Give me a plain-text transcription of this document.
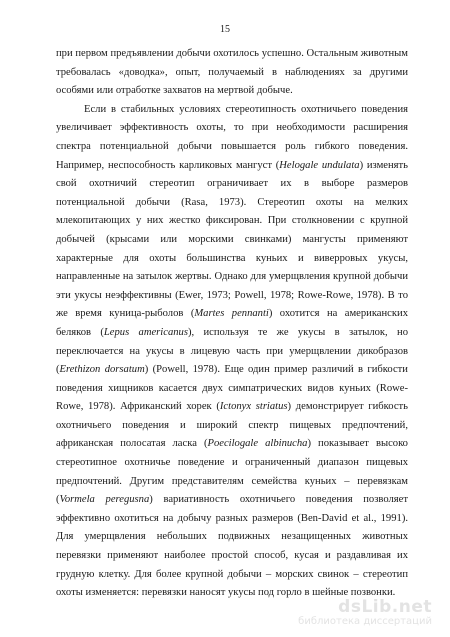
15

при первом предъявлении добычи охотилось успешно. Остальным животным требовалась «доводка», опыт, получаемый в наблюдениях за другими особями или отработке захватов на мертвой добыче.

Если в стабильных условиях стереотипность охотничьего поведения увеличивает эффективность охоты, то при необходимости расширения спектра потенциальной добычи повышается роль гибкого поведения. Например, неспособность карликовых мангуст (Helogale undulata) изменять свой охотничий стереотип ограничивает их в выборе размеров потенциальной добычи (Rasa, 1973). Стереотип охоты на мелких млекопитающих у них жестко фиксирован. При столкновении с крупной добычей (крысами или морскими свинками) мангусты применяют характерные для охоты большинства куньих и виверровых укусы, направленные на затылок жертвы. Однако для умерщвления крупной добычи эти укусы неэффективны (Ewer, 1973; Powell, 1978; Rowe-Rowe, 1978). В то же время куница-рыболов (Martes pennanti) охотится на американских беляков (Lepus americanus), используя те же укусы в затылок, но переключается на укусы в лицевую часть при умерщвлении дикобразов (Erethizon dorsatum) (Powell, 1978). Еще один пример различий в гибкости поведения хищников касается двух симпатрических видов куньих (Rowe-Rowe, 1978). Африканский хорек (Ictonyx striatus) демонстрирует гибкость охотничьего поведения и широкий спектр пищевых предпочтений, африканская полосатая ласка (Poecilogale albinucha) показывает высоко стереотипное охотничье поведение и ограниченный диапазон пищевых предпочтений. Другим представителям семейства куньих – перевязкам (Vormela peregusna) вариативность охотничьего поведения позволяет эффективно охотиться на добычу разных размеров (Ben-David et al., 1991). Для умерщвления небольших подвижных незащищенных животных перевязки применяют наиболее простой способ, кусая и раздавливая их грудную клетку. Для более крупной добычи – морских свинок – стереотип охоты изменяется: перевязки наносят укусы под горло в шейные позвонки.

dsLib.net
библиотека диссертаций
